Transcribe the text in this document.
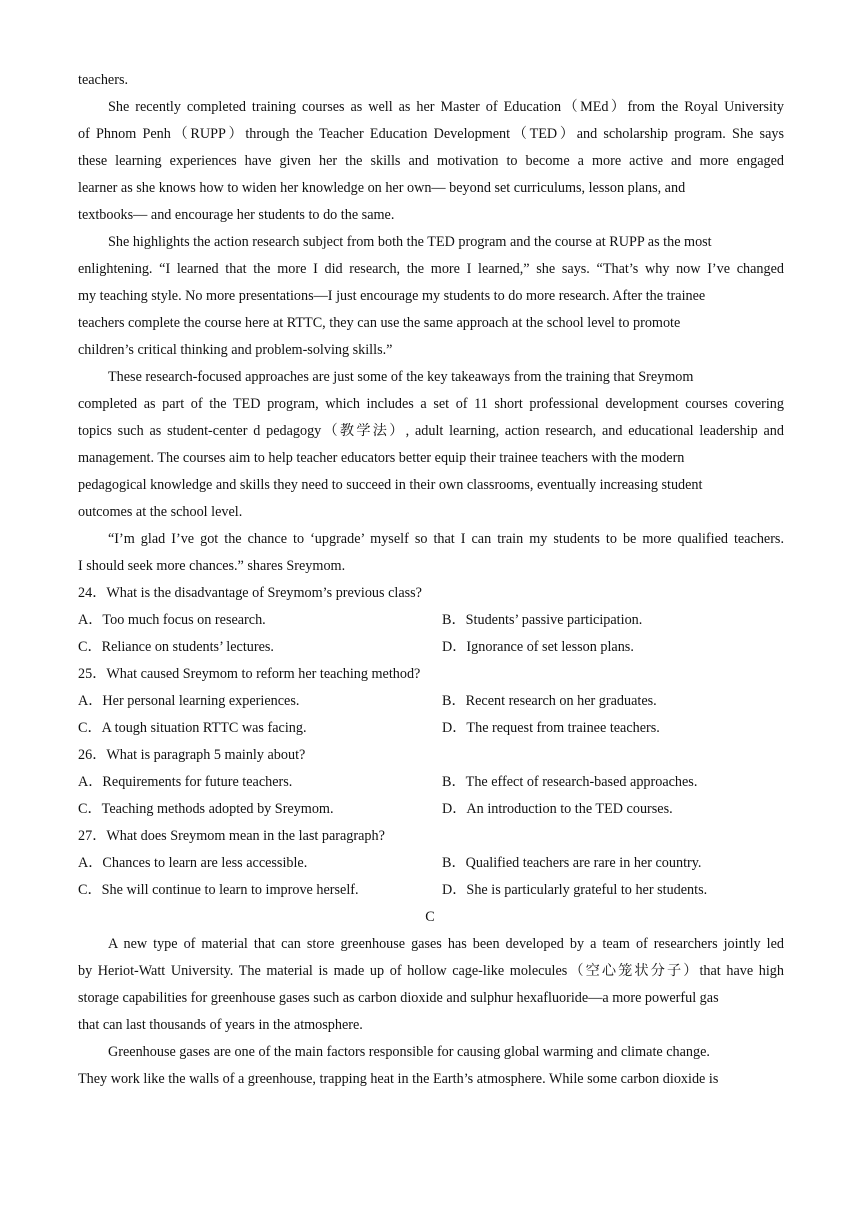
teachers.
She recently completed training courses as well as her Master of Education（MEd）from the Royal University
of Phnom Penh（RUPP）through the Teacher Education Development（TED）and scholarship program. She says
these learning experiences have given her the skills and motivation to become a more active and more engaged
learner as she knows how to widen her knowledge on her own— beyond set curriculums, lesson plans, and
textbooks— and encourage her students to do the same.
She highlights the action research subject from both the TED program and the course at RUPP as the most
enlightening. “I learned that the more I did research, the more I learned,” she says. “That’s why now I’ve changed
my teaching style. No more presentations—I just encourage my students to do more research. After the trainee
teachers complete the course here at RTTC, they can use the same approach at the school level to promote
children’s critical thinking and problem-solving skills.”
These research-focused approaches are just some of the key takeaways from the training that Sreymom
completed as part of the TED program, which includes a set of 11 short professional development courses covering
topics such as student-center d pedagogy（教学法）, adult learning, action research, and educational leadership and
management. The courses aim to help teacher educators better equip their trainee teachers with the modern
pedagogical knowledge and skills they need to succeed in their own classrooms, eventually increasing student
outcomes at the school level.
“I’m glad I’ve got the chance to ‘upgrade’ myself so that I can train my students to be more qualified teachers.
I should seek more chances.” shares Sreymom.
24．What is the disadvantage of Sreymom’s previous class?
A．Too much focus on research.	B．Students’ passive participation.
C．Reliance on students’ lectures.	D．Ignorance of set lesson plans.
25．What caused Sreymom to reform her teaching method?
A．Her personal learning experiences.	B．Recent research on her graduates.
C．A tough situation RTTC was facing.	D．The request from trainee teachers.
26．What is paragraph 5 mainly about?
A．Requirements for future teachers.	B．The effect of research-based approaches.
C．Teaching methods adopted by Sreymom.	D．An introduction to the TED courses.
27．What does Sreymom mean in the last paragraph?
A．Chances to learn are less accessible.	B．Qualified teachers are rare in her country.
C．She will continue to learn to improve herself.	D．She is particularly grateful to her students.
C
A new type of material that can store greenhouse gases has been developed by a team of researchers jointly led
by Heriot-Watt University. The material is made up of hollow cage-like molecules（空心笼状分子）that have high
storage capabilities for greenhouse gases such as carbon dioxide and sulphur hexafluoride—a more powerful gas
that can last thousands of years in the atmosphere.
Greenhouse gases are one of the main factors responsible for causing global warming and climate change.
They work like the walls of a greenhouse, trapping heat in the Earth’s atmosphere. While some carbon dioxide is
